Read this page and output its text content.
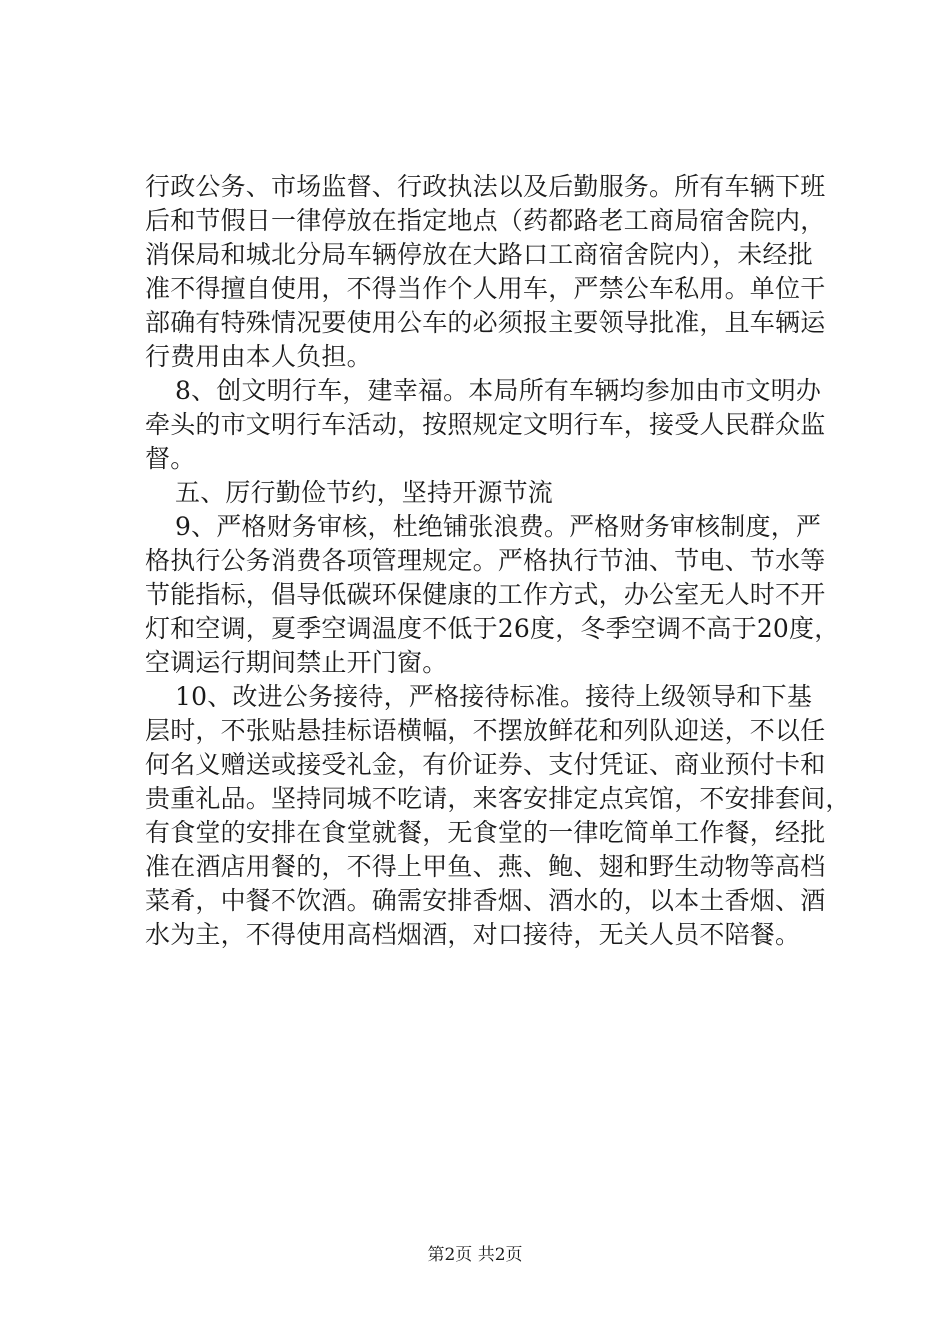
行政公务、市场监督、行政执法以及后勤服务。所有车辆下班
后和节假日一律停放在指定地点（药都路老工商局宿舍院内，
消保局和城北分局车辆停放在大路口工商宿舍院内），未经批
准不得擅自使用，不得当作个人用车，严禁公车私用。单位干
部确有特殊情况要使用公车的必须报主要领导批准，且车辆运
行费用由本人负担。
8、创文明行车，建幸福。本局所有车辆均参加由市文明办
牵头的市文明行车活动，按照规定文明行车，接受人民群众监
督。
五、厉行勤俭节约，坚持开源节流
9、严格财务审核，杜绝铺张浪费。严格财务审核制度，严
格执行公务消费各项管理规定。严格执行节油、节电、节水等
节能指标，倡导低碳环保健康的工作方式，办公室无人时不开
灯和空调，夏季空调温度不低于26度，冬季空调不高于20度，
空调运行期间禁止开门窗。
10、改进公务接待，严格接待标准。接待上级领导和下基
层时，不张贴悬挂标语横幅，不摆放鲜花和列队迎送，不以任
何名义赠送或接受礼金，有价证券、支付凭证、商业预付卡和
贵重礼品。坚持同城不吃请，来客安排定点宾馆，不安排套间，
有食堂的安排在食堂就餐，无食堂的一律吃简单工作餐，经批
准在酒店用餐的，不得上甲鱼、燕、鲍、翅和野生动物等高档
菜肴，中餐不饮酒。确需安排香烟、酒水的，以本土香烟、酒
水为主，不得使用高档烟酒，对口接待，无关人员不陪餐。
第2页 共2页
